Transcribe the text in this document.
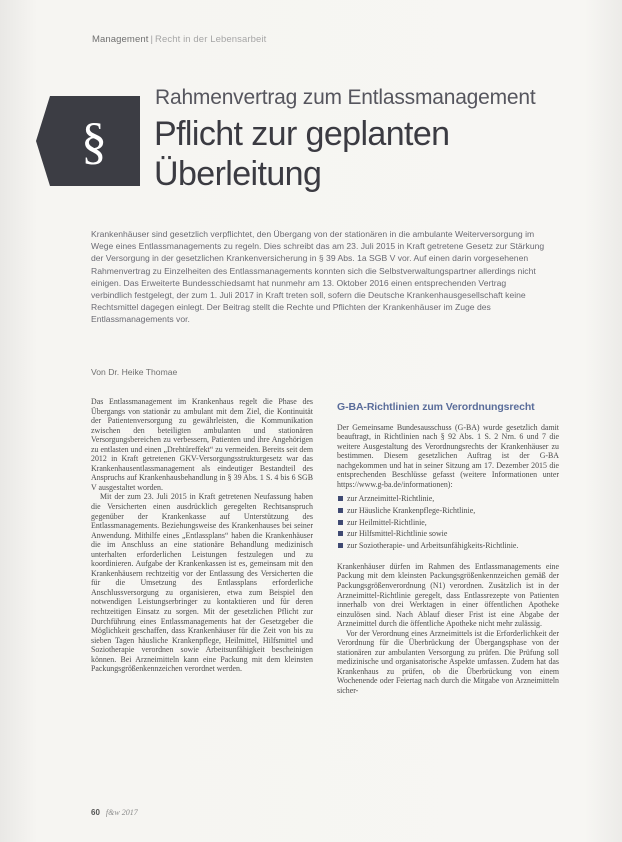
Management | Recht in der Lebensarbeit
§
Rahmenvertrag zum Entlassmanagement
Pflicht zur geplanten Überleitung
Krankenhäuser sind gesetzlich verpflichtet, den Übergang von der stationären in die ambulante Weiterversorgung im Wege eines Entlassmanagements zu regeln. Dies schreibt das am 23. Juli 2015 in Kraft getretene Gesetz zur Stärkung der Versorgung in der gesetzlichen Krankenversicherung in § 39 Abs. 1a SGB V vor. Auf einen darin vorgesehenen Rahmenvertrag zu Einzelheiten des Entlassmanagements konnten sich die Selbstverwaltungspartner allerdings nicht einigen. Das Erweiterte Bundesschiedsamt hat nunmehr am 13. Oktober 2016 einen entsprechenden Vertrag verbindlich festgelegt, der zum 1. Juli 2017 in Kraft treten soll, sofern die Deutsche Krankenhausgesellschaft keine Rechtsmittel dagegen einlegt. Der Beitrag stellt die Rechte und Pflichten der Krankenhäuser im Zuge des Entlassmanagements vor.
Von Dr. Heike Thomae

Das Entlassmanagement im Krankenhaus regelt die Phase des Übergangs von stationär zu ambulant mit dem Ziel, die Kontinuität der Patientenversorgung zu gewährleisten, die Kommunikation zwischen den beteiligten ambulanten und stationären Versorgungsbereichen zu verbessern, Patienten und ihre Angehörigen zu entlasten und einen „Drehtüreffekt“ zu vermeiden. Bereits seit dem 2012 in Kraft getretenen GKV-Versorgungsstrukturgesetz war das Krankenhausentlassmanagement als eindeutiger Bestandteil des Anspruchs auf Krankenhausbehandlung in § 39 Abs. 1 S. 4 bis 6 SGB V ausgestaltet worden.

Mit der zum 23. Juli 2015 in Kraft getretenen Neufassung haben die Versicherten einen ausdrücklich geregelten Rechtsanspruch gegenüber der Krankenkasse auf Unterstützung des Entlassmanagements. Beziehungsweise des Krankenhauses bei seiner Anwendung. Mithilfe eines „Entlassplans“ haben die Krankenhäuser die im Anschluss an eine stationäre Behandlung medizinisch unterhalten erforderlichen Leistungen festzulegen und zu koordinieren. Aufgabe der Krankenkassen ist es, gemeinsam mit den Krankenhäusern rechtzeitig vor der Entlassung des Versicherten die für die Umsetzung des Entlassplans erforderliche Anschlussversorgung zu organisieren, etwa zum Beispiel den notwendigen Leistungserbringer zu kontaktieren und für deren rechtzeitigen Einsatz zu sorgen. Mit der gesetzlichen Pflicht zur Durchführung eines Entlassmanagements hat der Gesetzgeber die Möglichkeit geschaffen, dass Krankenhäuser für die Zeit von bis zu sieben Tagen häusliche Krankenpflege, Heilmittel, Hilfsmittel und Soziotherapie verordnen sowie Arbeitsunfähigkeit bescheinigen können. Bei Arzneimitteln kann eine Packung mit dem kleinsten Packungsgrößenkennzeichen verordnet werden.

G-BA-Richtlinien zum Verordnungsrecht

Der Gemeinsame Bundesausschuss (G-BA) wurde gesetzlich damit beauftragt, in Richtlinien nach § 92 Abs. 1 S. 2 Nrn. 6 und 7 die weitere Ausgestaltung des Verordnungsrechts der Krankenhäuser zu bestimmen. Diesem gesetzlichen Auftrag ist der G-BA nachgekommen und hat in seiner Sitzung am 17. Dezember 2015 die entsprechenden Beschlüsse gefasst (weitere Informationen unter https://www.g-ba.de/informationen):

zur Arzneimittel-Richtlinie,
zur Häusliche Krankenpflege-Richtlinie,
zur Heilmittel-Richtlinie,
zur Hilfsmittel-Richtlinie sowie
zur Soziotherapie- und Arbeitsunfähigkeits-Richtlinie.

Krankenhäuser dürfen im Rahmen des Entlassmanagements eine Packung mit dem kleinsten Packungsgrößenkennzeichen gemäß der Packungsgrößenverordnung (N1) verordnen. Zusätzlich ist in der Arzneimittel-Richtlinie geregelt, dass Entlassrezepte von Patienten innerhalb von drei Werktagen in einer öffentlichen Apotheke einzulösen sind. Nach Ablauf dieser Frist ist eine Abgabe der Arzneimittel durch die öffentliche Apotheke nicht mehr zulässig.

Vor der Verordnung eines Arzneimittels ist die Erforderlichkeit der Verordnung für die Überbrückung der Übergangsphase von der stationären zur ambulanten Versorgung zu prüfen. Die Prüfung soll medizinische und organisatorische Aspekte umfassen. Zudem hat das Krankenhaus zu prüfen, ob die Überbrückung von einem Wochenende oder Feiertag nach durch die Mitgabe von Arzneimitteln sicher-

60 f&w 2017
